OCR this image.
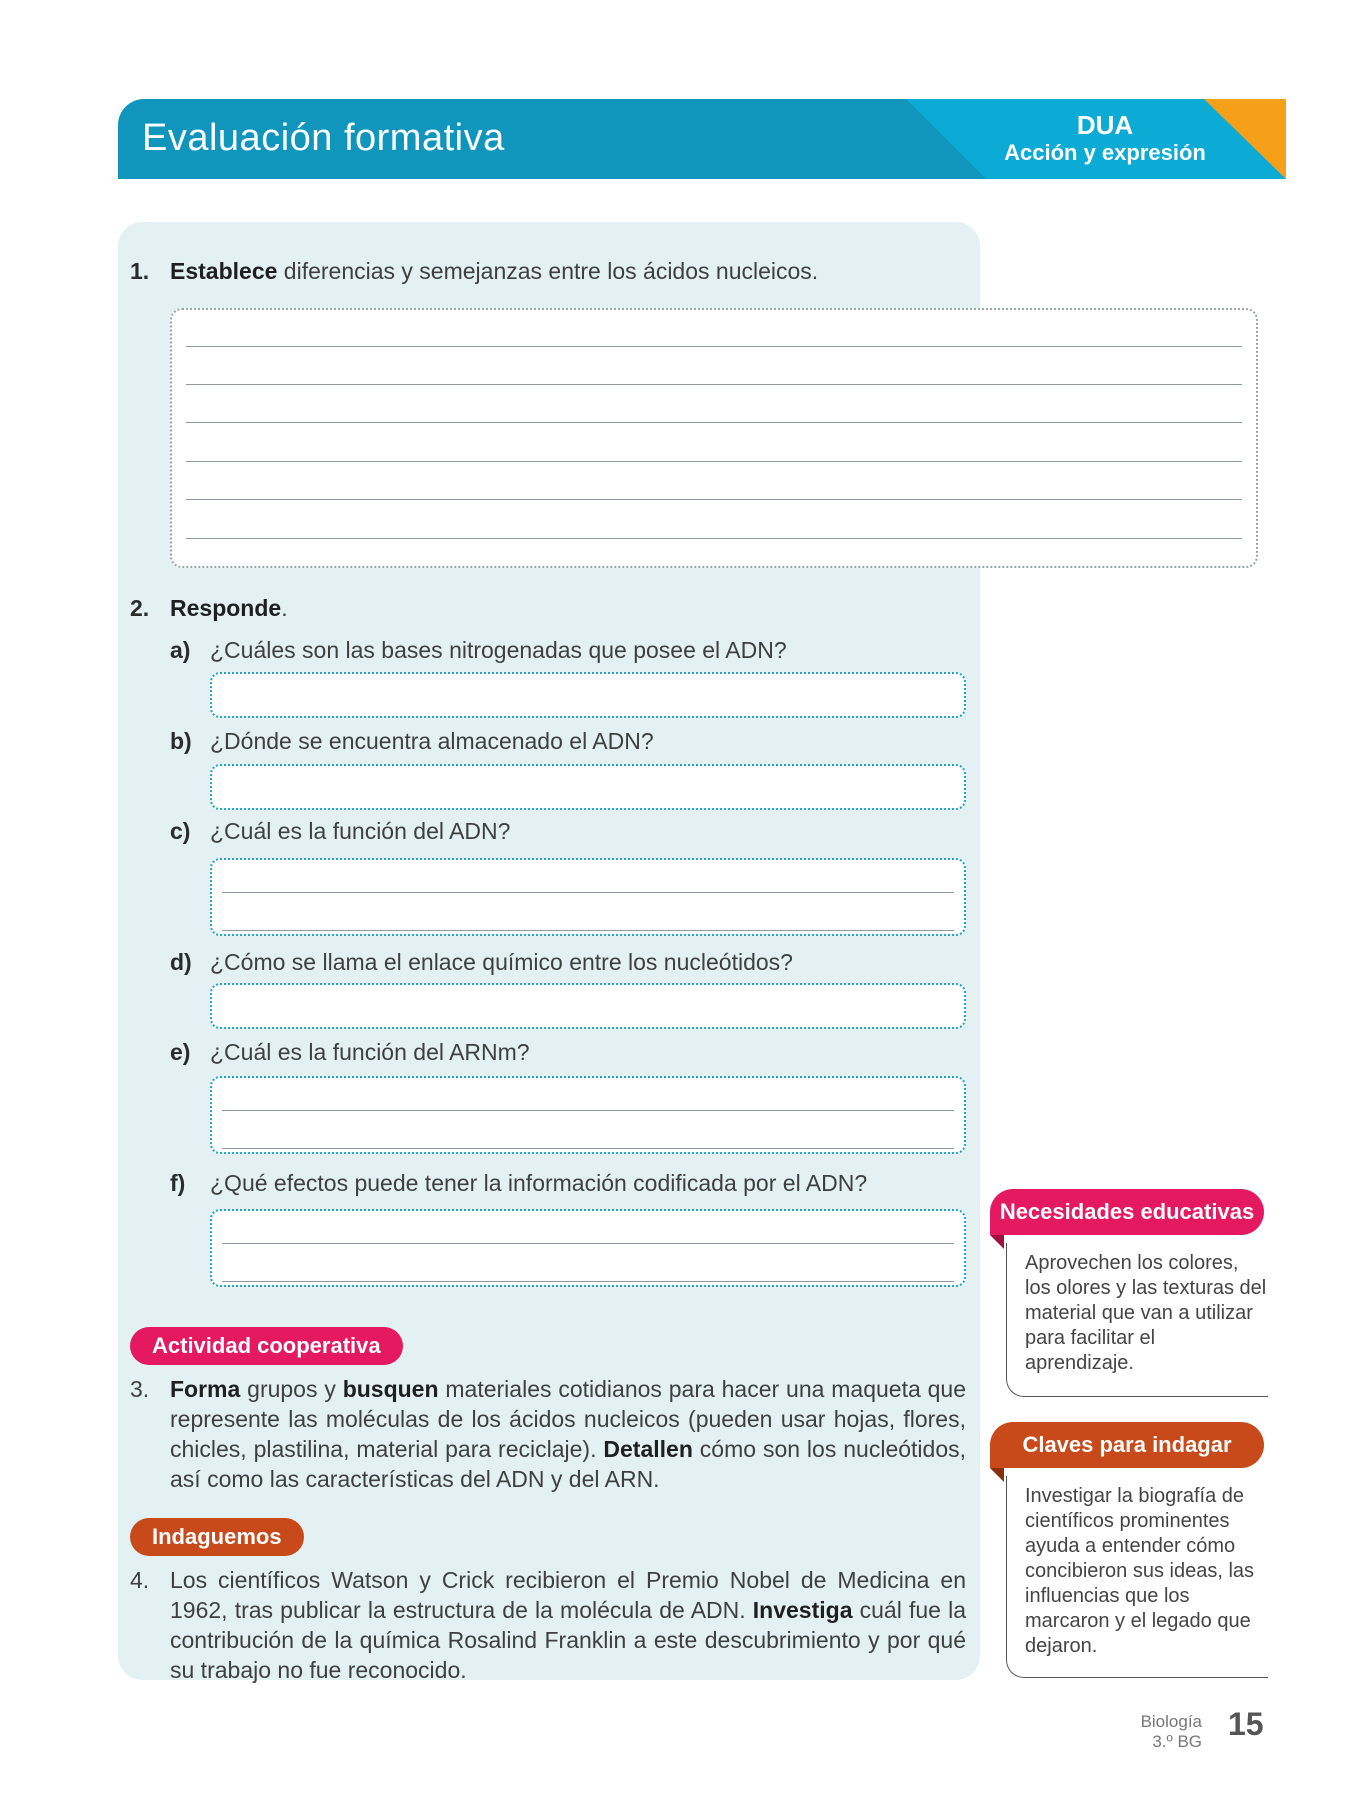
Evaluación formativa	DUA
Acción y expresión
1. Establece diferencias y semejanzas entre los ácidos nucleicos.
2. Responde.
a) ¿Cuáles son las bases nitrogenadas que posee el ADN?
b) ¿Dónde se encuentra almacenado el ADN?
c) ¿Cuál es la función del ADN?
d) ¿Cómo se llama el enlace químico entre los nucleótidos?
e) ¿Cuál es la función del ARNm?
f) ¿Qué efectos puede tener la información codificada por el ADN?
Actividad cooperativa
3. Forma grupos y busquen materiales cotidianos para hacer una maqueta que represente las moléculas de los ácidos nucleicos (pueden usar hojas, flores, chicles, plastilina, material para reciclaje). Detallen cómo son los nucleótidos, así como las características del ADN y del ARN.
Indaguemos
4. Los científicos Watson y Crick recibieron el Premio Nobel de Medicina en 1962, tras publicar la estructura de la molécula de ADN. Investiga cuál fue la contribución de la química Rosalind Franklin a este descubrimiento y por qué su trabajo no fue reconocido.
Necesidades educativas
Aprovechen los colores, los olores y las texturas del material que van a utilizar para facilitar el aprendizaje.
Claves para indagar
Investigar la biografía de científicos prominentes ayuda a entender cómo concibieron sus ideas, las influencias que los marcaron y el legado que dejaron.
Biología
3.º BG 15
